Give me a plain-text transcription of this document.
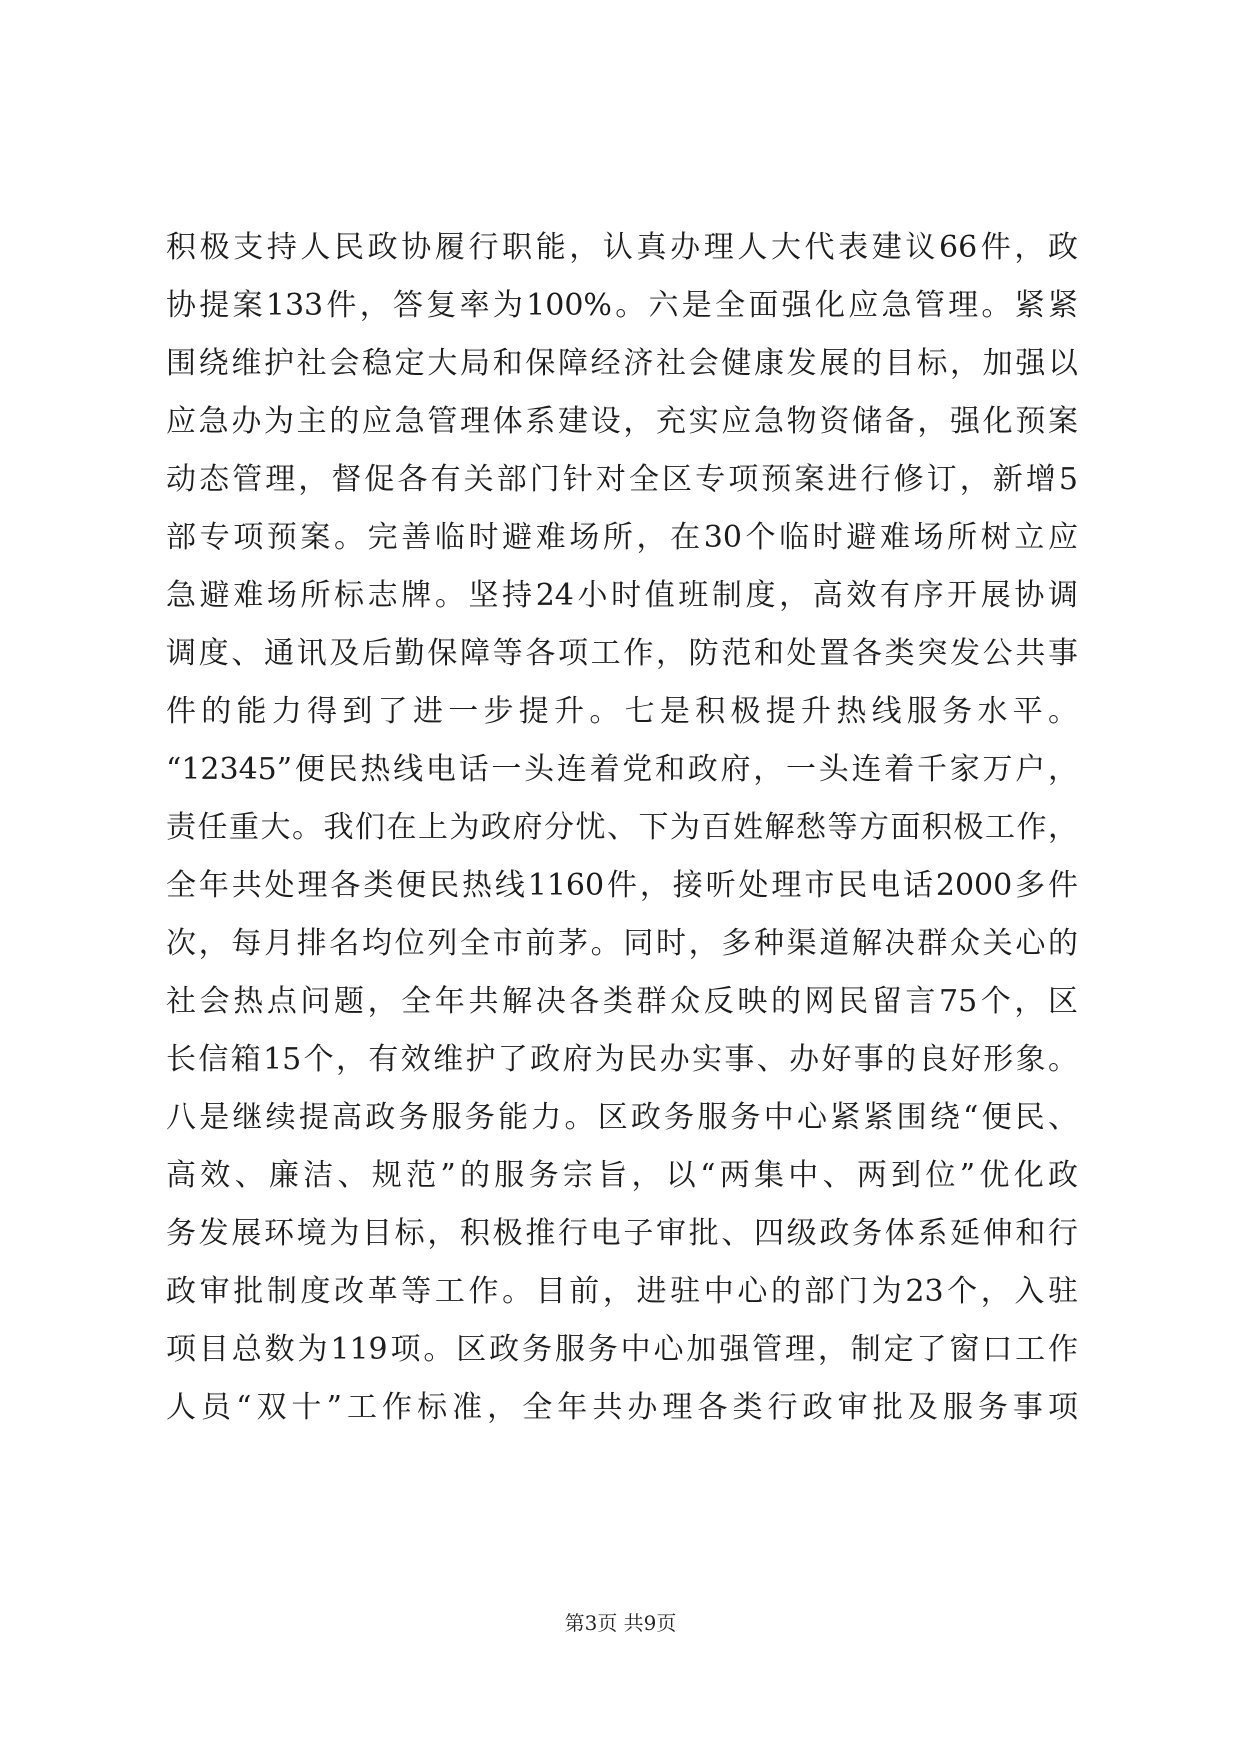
积极支持人民政协履行职能，认真办理人大代表建议66件，政
协提案133件，答复率为100%。六是全面强化应急管理。紧紧
围绕维护社会稳定大局和保障经济社会健康发展的目标，加强以
应急办为主的应急管理体系建设，充实应急物资储备，强化预案
动态管理，督促各有关部门针对全区专项预案进行修订，新增5
部专项预案。完善临时避难场所，在30个临时避难场所树立应
急避难场所标志牌。坚持24小时值班制度，高效有序开展协调
调度、通讯及后勤保障等各项工作，防范和处置各类突发公共事
件的能力得到了进一步提升。七是积极提升热线服务水平。
“12345”便民热线电话一头连着党和政府，一头连着千家万户，
责任重大。我们在上为政府分忧、下为百姓解愁等方面积极工作，
全年共处理各类便民热线1160件，接听处理市民电话2000多件
次，每月排名均位列全市前茅。同时，多种渠道解决群众关心的
社会热点问题，全年共解决各类群众反映的网民留言75个，区
长信箱15个，有效维护了政府为民办实事、办好事的良好形象。
八是继续提高政务服务能力。区政务服务中心紧紧围绕“便民、
高效、廉洁、规范”的服务宗旨，以“两集中、两到位”优化政
务发展环境为目标，积极推行电子审批、四级政务体系延伸和行
政审批制度改革等工作。目前，进驻中心的部门为23个，入驻
项目总数为119项。区政务服务中心加强管理，制定了窗口工作
人员“双十”工作标准，全年共办理各类行政审批及服务事项
第3页 共9页
